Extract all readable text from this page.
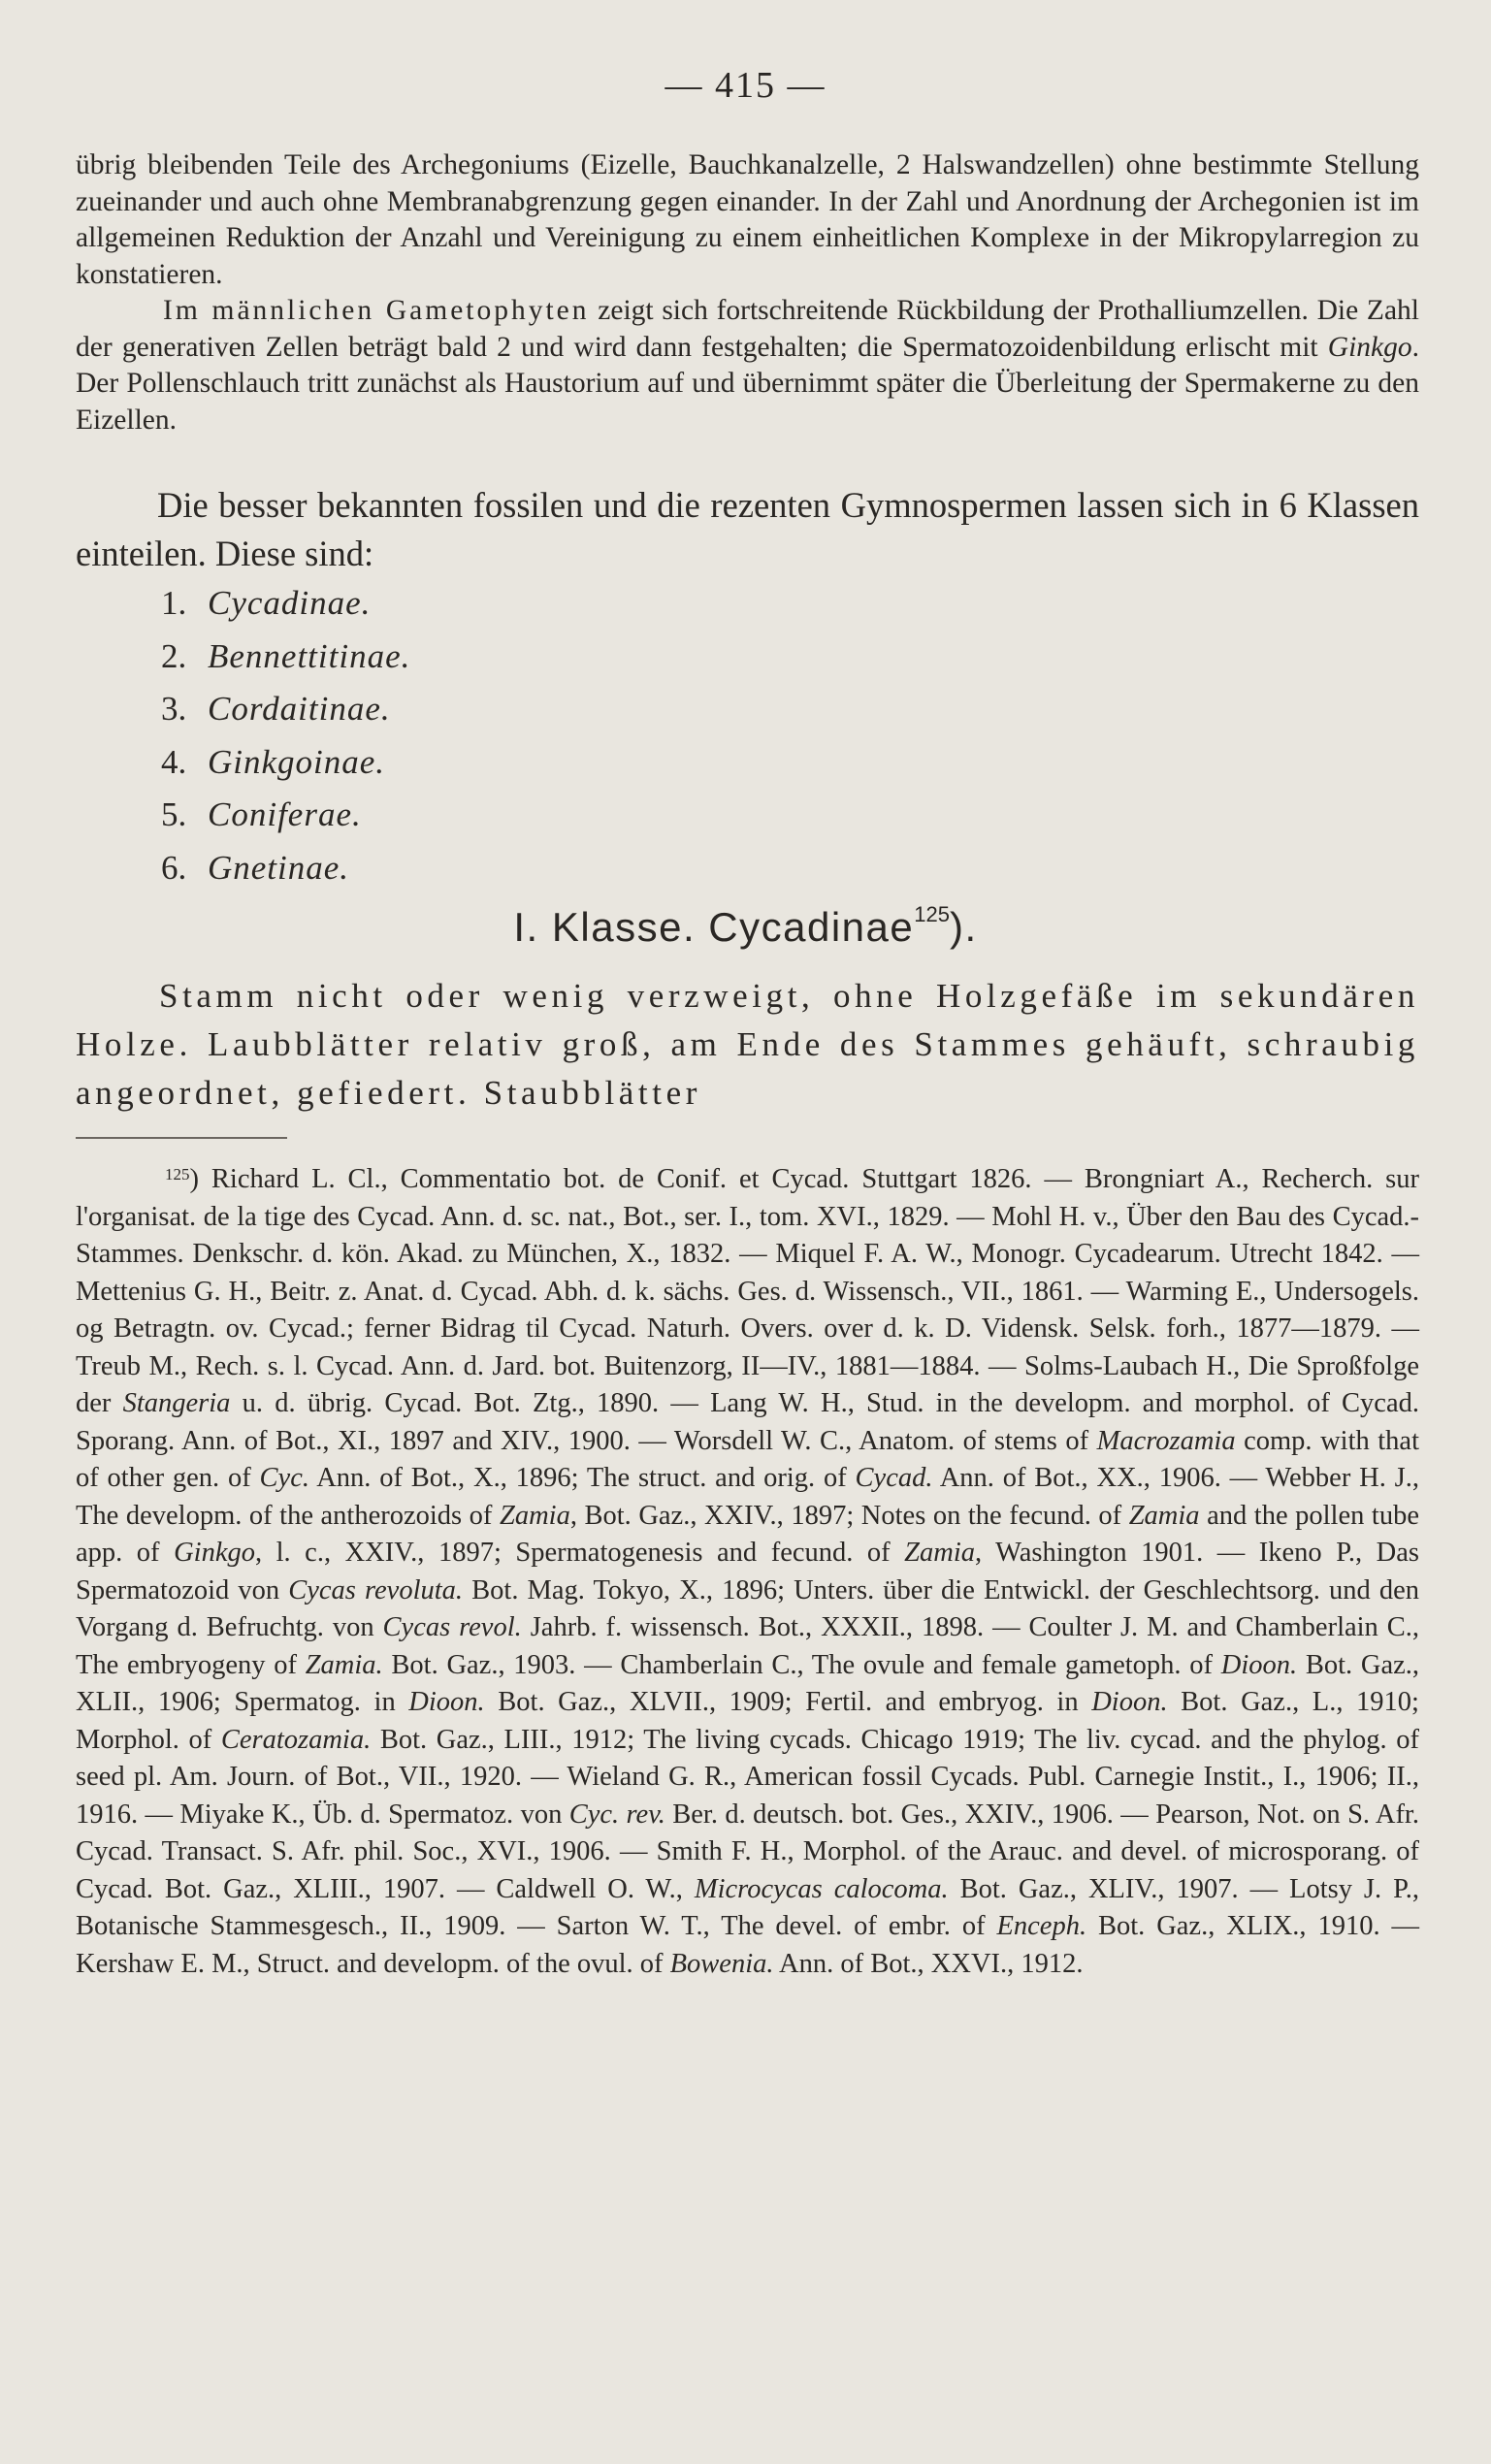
— 415 —

übrig bleibenden Teile des Archegoniums (Eizelle, Bauchkanalzelle, 2 Halswandzellen) ohne bestimmte Stellung zueinander und auch ohne Membranabgrenzung gegen einander. In der Zahl und Anordnung der Archegonien ist im allgemeinen Reduktion der Anzahl und Vereinigung zu einem einheitlichen Komplexe in der Mikropylarregion zu konstatieren.

Im männlichen Gametophyten zeigt sich fortschreitende Rückbildung der Prothalliumzellen. Die Zahl der generativen Zellen beträgt bald 2 und wird dann festgehalten; die Spermatozoidenbildung erlischt mit Ginkgo. Der Pollenschlauch tritt zunächst als Haustorium auf und übernimmt später die Überleitung der Spermakerne zu den Eizellen.

Die besser bekannten fossilen und die rezenten Gymnospermen lassen sich in 6 Klassen einteilen. Diese sind:

1. Cycadinae.
2. Bennettitinae.
3. Cordaitinae.
4. Ginkgoinae.
5. Coniferae.
6. Gnetinae.
I. Klasse. Cycadinae$^{125}$).

Stamm nicht oder wenig verzweigt, ohne Holzgefäße im sekundären Holze. Laubblätter relativ groß, am Ende des Stammes gehäuft, schraubig angeordnet, gefiedert. Staubblätter

$^{125}$) Richard L. Cl., Commentatio bot. de Conif. et Cycad. Stuttgart 1826. — Brongniart A., Recherch. sur l'organisat. de la tige des Cycad. Ann. d. sc. nat., Bot., ser. I., tom. XVI., 1829. — Mohl H. v., Über den Bau des Cycad.-Stammes. Denkschr. d. kön. Akad. zu München, X., 1832. — Miquel F. A. W., Monogr. Cycadearum. Utrecht 1842. — Mettenius G. H., Beitr. z. Anat. d. Cycad. Abh. d. k. sächs. Ges. d. Wissensch., VII., 1861. — Warming E., Undersogels. og Betragtn. ov. Cycad.; ferner Bidrag til Cycad. Naturh. Overs. over d. k. D. Vidensk. Selsk. forh., 1877—1879. — Treub M., Rech. s. l. Cycad. Ann. d. Jard. bot. Buitenzorg, II—IV., 1881—1884. — Solms-Laubach H., Die Sproßfolge der Stangeria u. d. übrig. Cycad. Bot. Ztg., 1890. — Lang W. H., Stud. in the developm. and morphol. of Cycad. Sporang. Ann. of Bot., XI., 1897 and XIV., 1900. — Worsdell W. C., Anatom. of stems of Macrozamia comp. with that of other gen. of Cyc. Ann. of Bot., X., 1896; The struct. and orig. of Cycad. Ann. of Bot., XX., 1906. — Webber H. J., The developm. of the antherozoids of Zamia, Bot. Gaz., XXIV., 1897; Notes on the fecund. of Zamia and the pollen tube app. of Ginkgo, l. c., XXIV., 1897; Spermatogenesis and fecund. of Zamia, Washington 1901. — Ikeno P., Das Spermatozoid von Cycas revoluta. Bot. Mag. Tokyo, X., 1896; Unters. über die Entwickl. der Geschlechtsorg. und den Vorgang d. Befruchtg. von Cycas revol. Jahrb. f. wissensch. Bot., XXXII., 1898. — Coulter J. M. and Chamberlain C., The embryogeny of Zamia. Bot. Gaz., 1903. — Chamberlain C., The ovule and female gametoph. of Dioon. Bot. Gaz., XLII., 1906; Spermatog. in Dioon. Bot. Gaz., XLVII., 1909; Fertil. and embryog. in Dioon. Bot. Gaz., L., 1910; Morphol. of Ceratozamia. Bot. Gaz., LIII., 1912; The living cycads. Chicago 1919; The liv. cycad. and the phylog. of seed pl. Am. Journ. of Bot., VII., 1920. — Wieland G. R., American fossil Cycads. Publ. Carnegie Instit., I., 1906; II., 1916. — Miyake K., Üb. d. Spermatoz. von Cyc. rev. Ber. d. deutsch. bot. Ges., XXIV., 1906. — Pearson, Not. on S. Afr. Cycad. Transact. S. Afr. phil. Soc., XVI., 1906. — Smith F. H., Morphol. of the Arauc. and devel. of microsporang. of Cycad. Bot. Gaz., XLIII., 1907. — Caldwell O. W., Microcycas calocoma. Bot. Gaz., XLIV., 1907. — Lotsy J. P., Botanische Stammesgesch., II., 1909. — Sarton W. T., The devel. of embr. of Enceph. Bot. Gaz., XLIX., 1910. — Kershaw E. M., Struct. and developm. of the ovul. of Bowenia. Ann. of Bot., XXVI., 1912.
